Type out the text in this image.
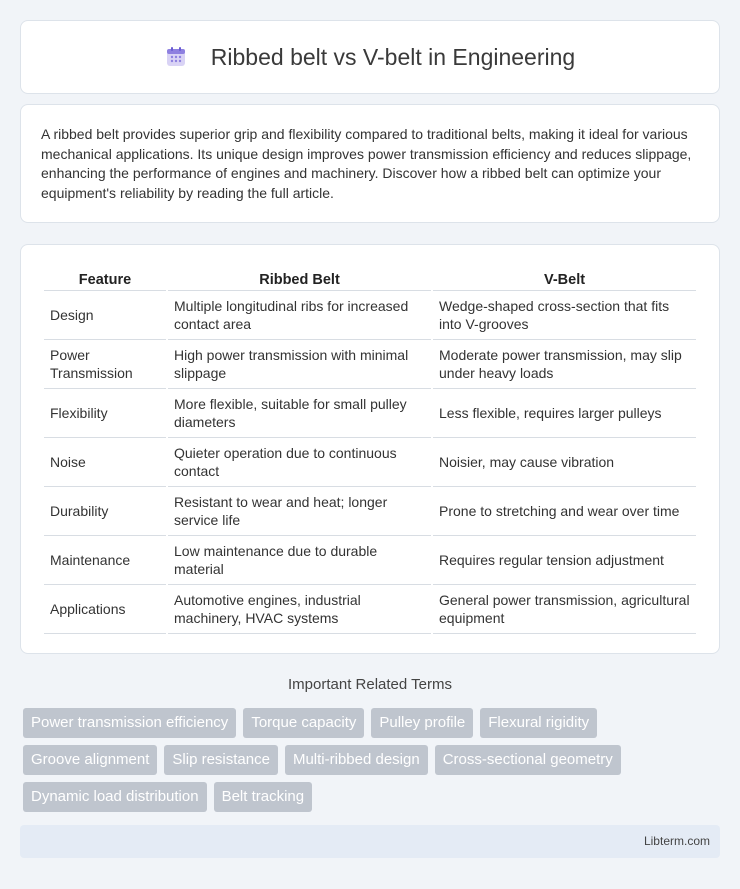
Ribbed belt vs V-belt in Engineering

A ribbed belt provides superior grip and flexibility compared to traditional belts, making it ideal for various mechanical applications. Its unique design improves power transmission efficiency and reduces slippage, enhancing the performance of engines and machinery. Discover how a ribbed belt can optimize your equipment's reliability by reading the full article.

Feature	Ribbed Belt	V-Belt
Design	Multiple longitudinal ribs for increased contact area	Wedge-shaped cross-section that fits into V-grooves
Power Transmission	High power transmission with minimal slippage	Moderate power transmission, may slip under heavy loads
Flexibility	More flexible, suitable for small pulley diameters	Less flexible, requires larger pulleys
Noise	Quieter operation due to continuous contact	Noisier, may cause vibration
Durability	Resistant to wear and heat; longer service life	Prone to stretching and wear over time
Maintenance	Low maintenance due to durable material	Requires regular tension adjustment
Applications	Automotive engines, industrial machinery, HVAC systems	General power transmission, agricultural equipment
Important Related Terms
Power transmission efficiency	Torque capacity	Pulley profile	Flexural rigidity
Groove alignment	Slip resistance	Multi-ribbed design	Cross-sectional geometry
Dynamic load distribution	Belt tracking
Libterm.com
